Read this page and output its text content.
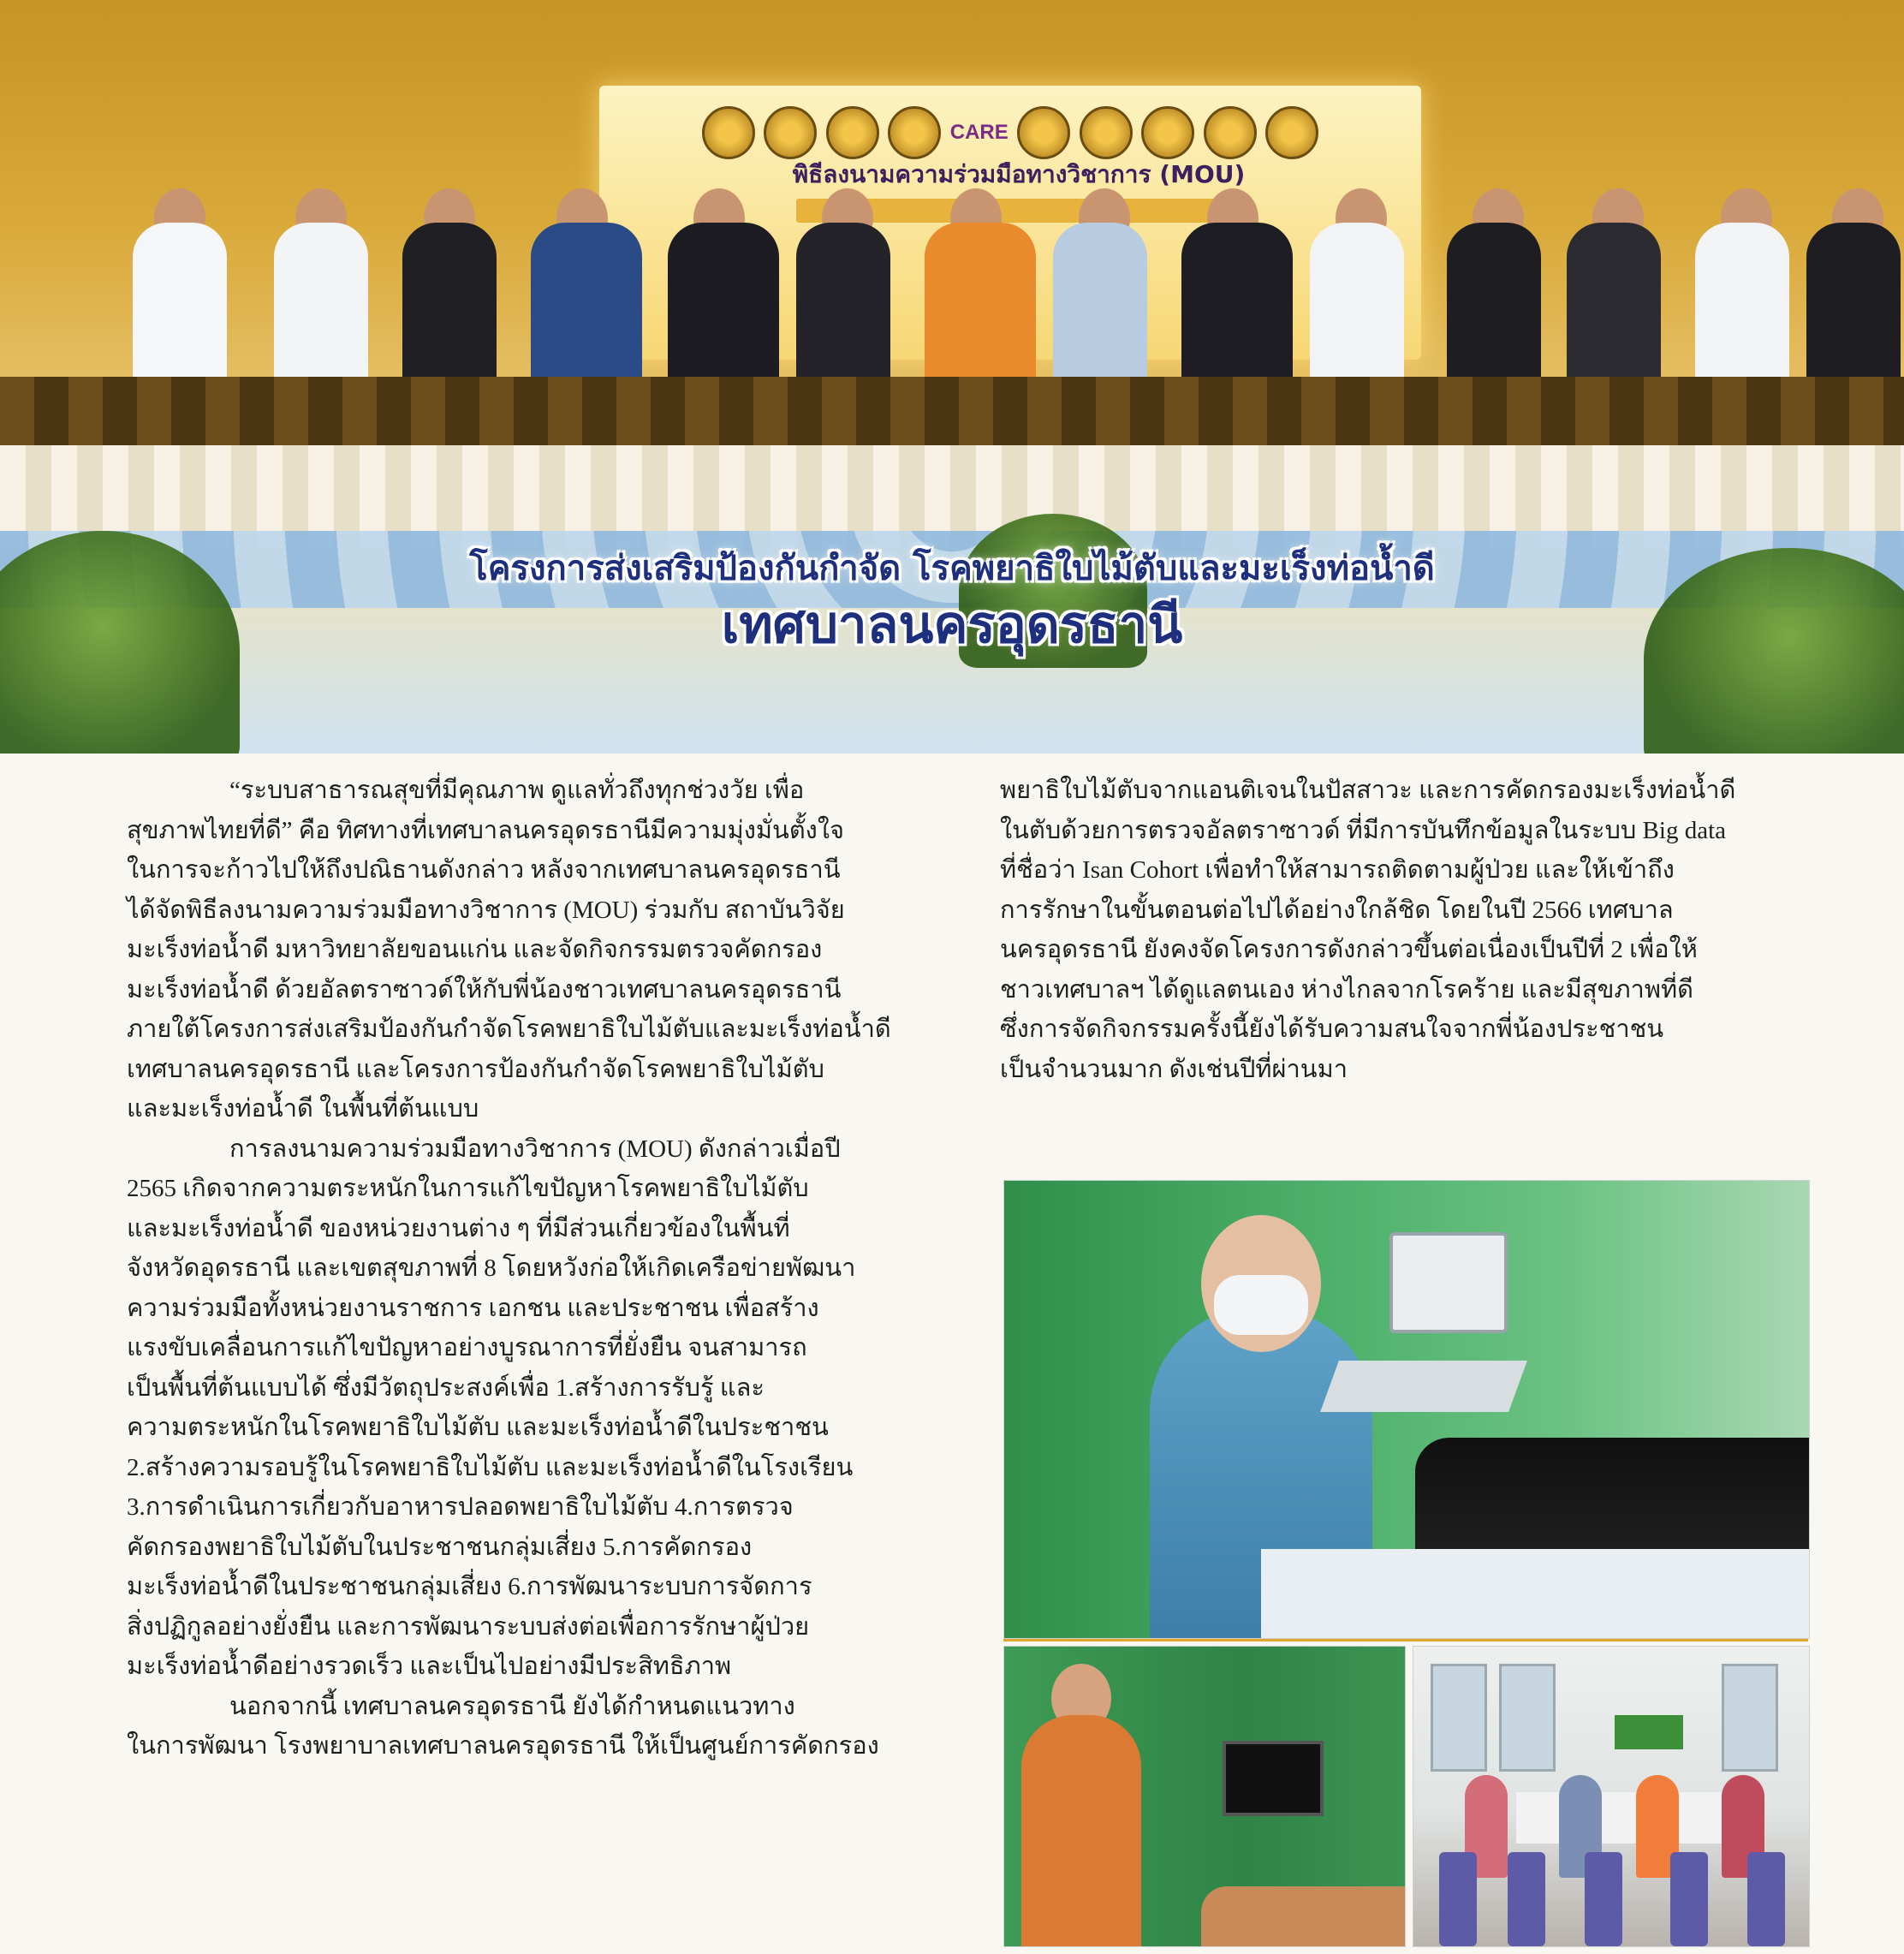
CARE
พิธีลงนามความร่วมมือทางวิชาการ (MOU)
โครงการส่งเสริมป้องกันกำจัด โรคพยาธิใบไม้ตับและมะเร็งท่อน้ำดี
เทศบาลนครอุดรธานี
“ระบบสาธารณสุขที่มีคุณภาพ ดูแลทั่วถึงทุกช่วงวัย เพื่อ
สุขภาพไทยที่ดี” คือ ทิศทางที่เทศบาลนครอุดรธานีมีความมุ่งมั่นตั้งใจ
ในการจะก้าวไปให้ถึงปณิธานดังกล่าว หลังจากเทศบาลนครอุดรธานี
ได้จัดพิธีลงนามความร่วมมือทางวิชาการ (MOU) ร่วมกับ สถาบันวิจัย
มะเร็งท่อน้ำดี มหาวิทยาลัยขอนแก่น และจัดกิจกรรมตรวจคัดกรอง
มะเร็งท่อน้ำดี ด้วยอัลตราซาวด์ให้กับพี่น้องชาวเทศบาลนครอุดรธานี
ภายใต้โครงการส่งเสริมป้องกันกำจัดโรคพยาธิใบไม้ตับและมะเร็งท่อน้ำดี
เทศบาลนครอุดรธานี และโครงการป้องกันกำจัดโรคพยาธิใบไม้ตับ
และมะเร็งท่อน้ำดี ในพื้นที่ต้นแบบ
การลงนามความร่วมมือทางวิชาการ (MOU) ดังกล่าวเมื่อปี
2565 เกิดจากความตระหนักในการแก้ไขปัญหาโรคพยาธิใบไม้ตับ
และมะเร็งท่อน้ำดี ของหน่วยงานต่าง ๆ ที่มีส่วนเกี่ยวข้องในพื้นที่
จังหวัดอุดรธานี และเขตสุขภาพที่ 8 โดยหวังก่อให้เกิดเครือข่ายพัฒนา
ความร่วมมือทั้งหน่วยงานราชการ เอกชน และประชาชน เพื่อสร้าง
แรงขับเคลื่อนการแก้ไขปัญหาอย่างบูรณาการที่ยั่งยืน จนสามารถ
เป็นพื้นที่ต้นแบบได้ ซึ่งมีวัตถุประสงค์เพื่อ 1.สร้างการรับรู้ และ
ความตระหนักในโรคพยาธิใบไม้ตับ และมะเร็งท่อน้ำดีในประชาชน
2.สร้างความรอบรู้ในโรคพยาธิใบไม้ตับ และมะเร็งท่อน้ำดีในโรงเรียน
3.การดำเนินการเกี่ยวกับอาหารปลอดพยาธิใบไม้ตับ 4.การตรวจ
คัดกรองพยาธิใบไม้ตับในประชาชนกลุ่มเสี่ยง 5.การคัดกรอง
มะเร็งท่อน้ำดีในประชาชนกลุ่มเสี่ยง 6.การพัฒนาระบบการจัดการ
สิ่งปฏิกูลอย่างยั่งยืน และการพัฒนาระบบส่งต่อเพื่อการรักษาผู้ป่วย
มะเร็งท่อน้ำดีอย่างรวดเร็ว และเป็นไปอย่างมีประสิทธิภาพ
นอกจากนี้ เทศบาลนครอุดรธานี ยังได้กำหนดแนวทาง
ในการพัฒนา โรงพยาบาลเทศบาลนครอุดรธานี ให้เป็นศูนย์การคัดกรอง
พยาธิใบไม้ตับจากแอนติเจนในปัสสาวะ และการคัดกรองมะเร็งท่อน้ำดี
ในตับด้วยการตรวจอัลตราซาวด์ ที่มีการบันทึกข้อมูลในระบบ Big data
ที่ชื่อว่า Isan Cohort เพื่อทำให้สามารถติดตามผู้ป่วย และให้เข้าถึง
การรักษาในขั้นตอนต่อไปได้อย่างใกล้ชิด โดยในปี 2566 เทศบาล
นครอุดรธานี ยังคงจัดโครงการดังกล่าวขึ้นต่อเนื่องเป็นปีที่ 2 เพื่อให้
ชาวเทศบาลฯ ได้ดูแลตนเอง ห่างไกลจากโรคร้าย และมีสุขภาพที่ดี
ซึ่งการจัดกิจกรรมครั้งนี้ยังได้รับความสนใจจากพี่น้องประชาชน
เป็นจำนวนมาก ดังเช่นปีที่ผ่านมา
